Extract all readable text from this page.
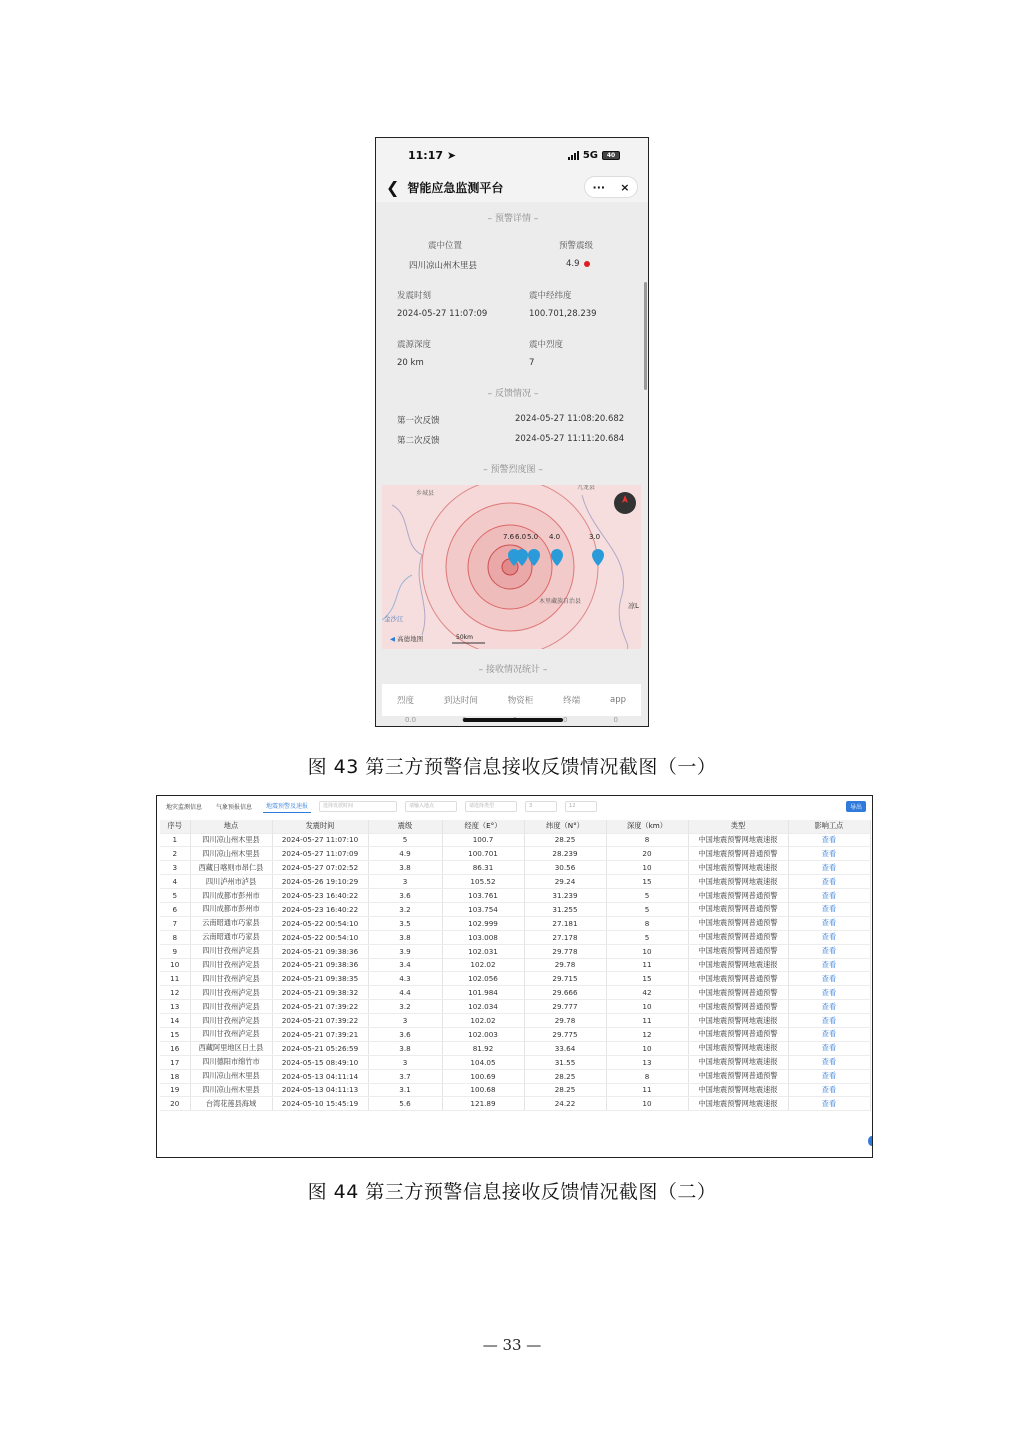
11:17 ➤	5G	40
❮ 智能应急监测平台	··· ×
– 预警详情 –
震中位置
四川凉山州木里县
预警震级
4.9
发震时刻
2024-05-27 11:07:09
震中经纬度
100.701,28.239
震源深度
20 km
震中烈度
7
– 反馈情况 –
第一次反馈	2024-05-27 11:08:20.682
第二次反馈	2024-05-27 11:11:20.684
– 预警烈度图 –
乡城县
九龙县
木里藏族自治县
金沙江
凉L
50km
◀ 高德地图
7.6 6.0 5.0 4.0	3.0
– 接收情况统计 –
烈度	到达时间	物资柜	终端	app
0.0	0	0
图 43 第三方预警信息接收反馈情况截图（一）
地灾监测信息	气象预报信息	地震预警及速报	选择发震时间	请输入地点	请选择类型	3	12	导出
序号	地点	发震时间	震级	经度（E°）	纬度（N°）	深度（km）	类型	影响工点
1	四川凉山州木里县	2024-05-27 11:07:10	5	100.7	28.25	8	中国地震预警网地震速报	查看
2	四川凉山州木里县	2024-05-27 11:07:09	4.9	100.701	28.239	20	中国地震预警网普通预警	查看
3	西藏日喀则市昂仁县	2024-05-27 07:02:52	3.8	86.31	30.56	10	中国地震预警网地震速报	查看
4	四川泸州市泸县	2024-05-26 19:10:29	3	105.52	29.24	15	中国地震预警网地震速报	查看
5	四川成都市彭州市	2024-05-23 16:40:22	3.6	103.761	31.239	5	中国地震预警网普通预警	查看
6	四川成都市彭州市	2024-05-23 16:40:22	3.2	103.754	31.255	5	中国地震预警网普通预警	查看
7	云南昭通市巧家县	2024-05-22 00:54:10	3.5	102.999	27.181	8	中国地震预警网普通预警	查看
8	云南昭通市巧家县	2024-05-22 00:54:10	3.8	103.008	27.178	5	中国地震预警网普通预警	查看
9	四川甘孜州泸定县	2024-05-21 09:38:36	3.9	102.031	29.778	10	中国地震预警网普通预警	查看
10	四川甘孜州泸定县	2024-05-21 09:38:36	3.4	102.02	29.78	11	中国地震预警网地震速报	查看
11	四川甘孜州泸定县	2024-05-21 09:38:35	4.3	102.056	29.715	15	中国地震预警网普通预警	查看
12	四川甘孜州泸定县	2024-05-21 09:38:32	4.4	101.984	29.666	42	中国地震预警网普通预警	查看
13	四川甘孜州泸定县	2024-05-21 07:39:22	3.2	102.034	29.777	10	中国地震预警网普通预警	查看
14	四川甘孜州泸定县	2024-05-21 07:39:22	3	102.02	29.78	11	中国地震预警网地震速报	查看
15	四川甘孜州泸定县	2024-05-21 07:39:21	3.6	102.003	29.775	12	中国地震预警网普通预警	查看
16	西藏阿里地区日土县	2024-05-21 05:26:59	3.8	81.92	33.64	10	中国地震预警网地震速报	查看
17	四川德阳市绵竹市	2024-05-15 08:49:10	3	104.05	31.55	13	中国地震预警网地震速报	查看
18	四川凉山州木里县	2024-05-13 04:11:14	3.7	100.69	28.25	8	中国地震预警网普通预警	查看
19	四川凉山州木里县	2024-05-13 04:11:13	3.1	100.68	28.25	11	中国地震预警网地震速报	查看
20	台湾花莲县海域	2024-05-10 15:45:19	5.6	121.89	24.22	10	中国地震预警网地震速报	查看
图 44 第三方预警信息接收反馈情况截图（二）
— 33 —
